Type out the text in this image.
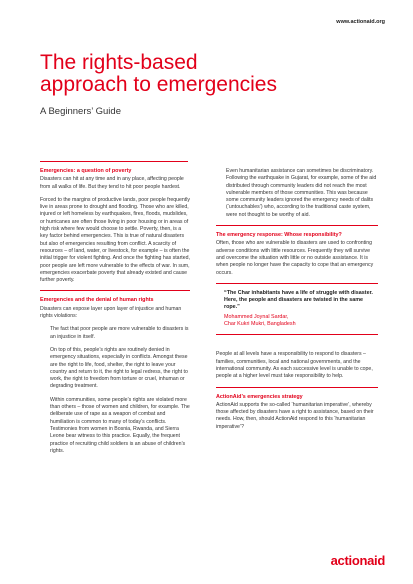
www.actionaid.org
The rights-based
approach to emergencies
A Beginners’ Guide
Emergencies: a question of poverty

Disasters can hit at any time and in any place, affecting people from all walks of life. But they tend to hit poor people hardest.

Forced to the margins of productive lands, poor people frequently live in areas prone to drought and flooding. Those who are killed, injured or left homeless by earthquakes, fires, floods, mudslides, or hurricanes are often those living in poor housing or in areas of high risk where few would choose to settle. Poverty, then, is a key factor behind emergencies. This is true of natural disasters but also of emergencies resulting from conflict. A scarcity of resources – of land, water, or livestock, for example – is often the initial trigger for violent fighting. And once the fighting has started, poor people are left more vulnerable to the effects of war. In sum, emergencies exacerbate poverty that already existed and cause further poverty.

Emergencies and the denial of human rights

Disasters can expose layer upon layer of injustice and human rights violations:

The fact that poor people are more vulnerable to disasters is an injustice in itself.

On top of this, people’s rights are routinely denied in emergency situations, especially in conflicts. Amongst these are the right to life, food, shelter, the right to leave your country and return to it, the right to legal redress, the right to work, the right to freedom from torture or cruel, inhuman or degrading treatment.

Within communities, some people’s rights are violated more than others – those of women and children, for example. The deliberate use of rape as a weapon of combat and humiliation is common to many of today’s conflicts. Testimonies from women in Bosnia, Rwanda, and Sierra Leone bear witness to this practice. Equally, the frequent practice of recruiting child soldiers is an abuse of children’s rights.

Even humanitarian assistance can sometimes be discriminatory. Following the earthquake in Gujarat, for example, some of the aid distributed through community leaders did not reach the most vulnerable members of those communities. This was because some community leaders ignored the emergency needs of dalits (‘untouchables’) who, according to the traditional caste system, were not thought to be worthy of aid.

The emergency response: Whose responsibility?

Often, those who are vulnerable to disasters are used to confronting adverse conditions with little resources. Frequently they will survive and overcome the situation with little or no outside assistance. It is when people no longer have the capacity to cope that an emergency occurs.

“The Char inhabitants have a life of struggle with disaster. Here, the people and disasters are twisted in the same rope.”
Mohammed Joynal Sardar,
Char Kukri Mukri, Bangladesh

People at all levels have a responsibility to respond to disasters – families, communities, local and national governments, and the international community. As each successive level is unable to cope, people at a higher level must take responsibility to help.

ActionAid’s emergencies strategy

ActionAid supports the so-called ‘humanitarian imperative’, whereby those affected by disasters have a right to assistance, based on their needs. How, then, should ActionAid respond to this ‘humanitarian imperative’?

actionaid
